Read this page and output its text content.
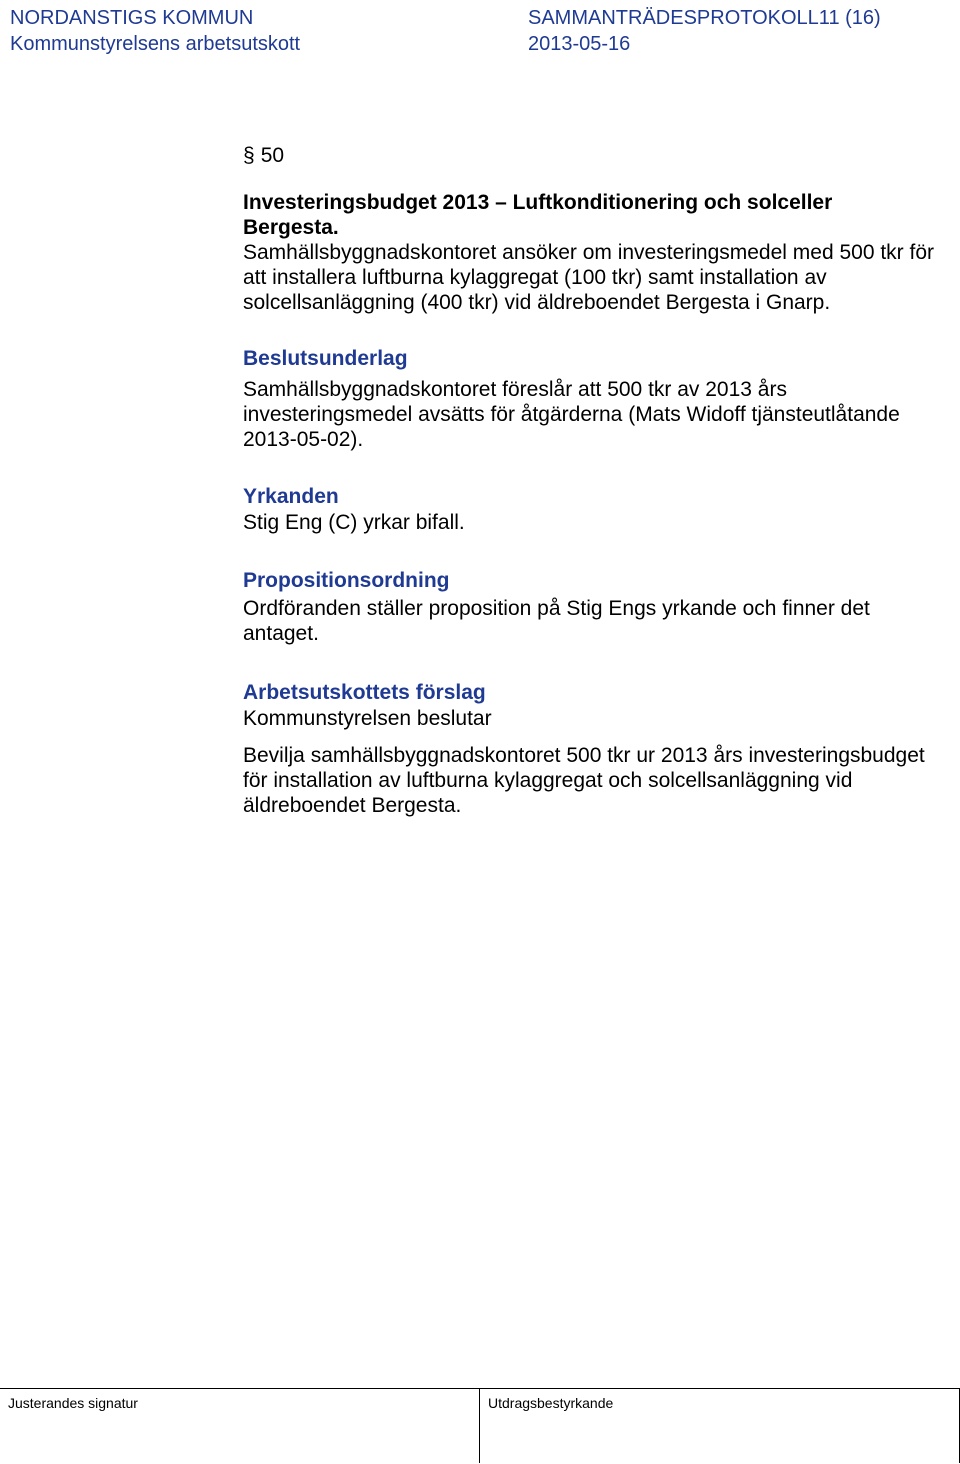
NORDANSTIGS KOMMUN
Kommunstyrelsens arbetsutskott
SAMMANTRÄDESPROTOKOLL11 (16)
2013-05-16
§ 50

Investeringsbudget 2013 – Luftkonditionering och solceller Bergesta.

Samhällsbyggnadskontoret ansöker om investeringsmedel med 500 tkr för att installera luftburna kylaggregat (100 tkr) samt installation av solcellsanläggning (400 tkr) vid äldreboendet Bergesta i Gnarp.

Beslutsunderlag

Samhällsbyggnadskontoret föreslår att 500 tkr av 2013 års investeringsmedel avsätts för åtgärderna (Mats Widoff tjänsteutlåtande 2013-05-02).

Yrkanden

Stig Eng (C) yrkar bifall.

Propositionsordning

Ordföranden ställer proposition på Stig Engs yrkande och finner det antaget.

Arbetsutskottets förslag

Kommunstyrelsen beslutar

Bevilja samhällsbyggnadskontoret 500 tkr ur 2013 års investeringsbudget för installation av luftburna kylaggregat och solcellsanläggning vid äldreboendet Bergesta.

Justerandes signatur	Utdragsbestyrkande
